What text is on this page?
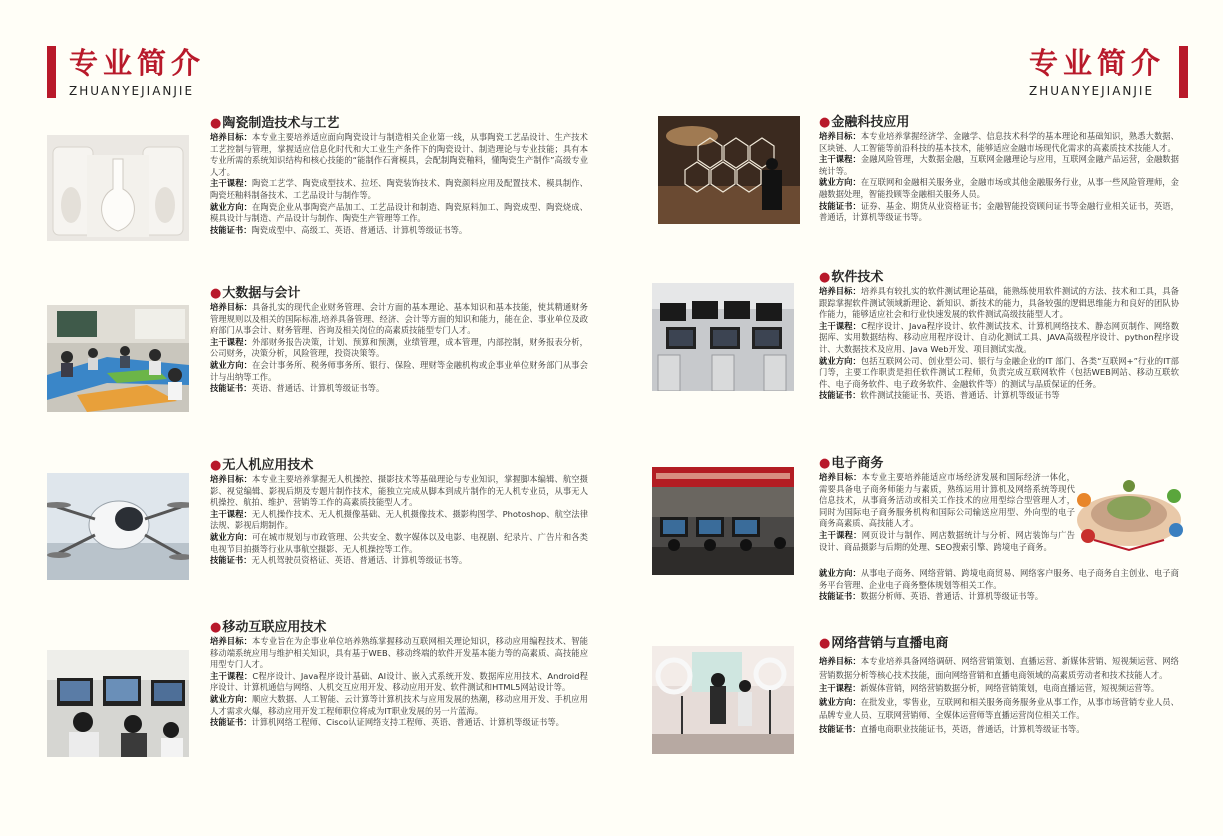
专业简介
ZHUANYEJIANJIE
专业简介
ZHUANYEJIANJIE
●陶瓷制造技术与工艺

培养目标：本专业主要培养适应面向陶瓷设计与制造相关企业第一线，从事陶瓷工艺品设计、生产技术工艺控制与管理，掌握适应信息化时代和大工业生产条件下的陶瓷设计、制造理论与专业技能；具有本专业所需的系统知识结构和核心技能的“能制作石膏模具，会配制陶瓷釉料，懂陶瓷生产制作”高级专业人才。

主干课程：陶瓷工艺学、陶瓷成型技术、拉坯、陶瓷装饰技术、陶瓷颜料应用及配置技术、模具制作、陶瓷坯釉料制备技术、工艺品设计与制作等。

就业方向：在陶瓷企业从事陶瓷产品加工、工艺品设计和制造、陶瓷原料加工、陶瓷成型、陶瓷烧成、模具设计与制造、产品设计与制作、陶瓷生产管理等工作。

技能证书：陶瓷成型中、高级工、英语、普通话、计算机等级证书等。

●大数据与会计

培养目标：具备扎实的现代企业财务管理、会计方面的基本理论、基本知识和基本技能，使其精通财务管理规则以及相关的国际标准,培养具备管理、经济、会计等方面的知识和能力，能在企、事业单位及政府部门从事会计、财务管理、咨询及相关岗位的高素质技能型专门人才。

主干课程：外部财务报告决策，计划、预算和预测，业绩管理，成本管理，内部控制，财务报表分析，公司财务，决策分析，风险管理，投资决策等。

就业方向：在会计事务所、税务师事务所、银行、保险、理财等金融机构或企事业单位财务部门从事会计与出纳等工作。

技能证书：英语、普通话、计算机等级证书等。

●无人机应用技术

培养目标：本专业主要培养掌握无人机操控、摄影技术等基础理论与专业知识，掌握脚本编辑、航空摄影、视觉编辑、影视后期及专题片制作技术，能独立完成从脚本到成片制作的无人机专业员，从事无人机操控、航拍、维护、营销等工作的高素质技能型人才。

主干课程：无人机操作技术、无人机摄像基础、无人机摄像技术、摄影构图学、Photoshop、航空法律法规、影视后期制作。

就业方向：可在城市规划与市政管理、公共安全、数字媒体以及电影、电视剧、纪录片、广告片和各类电视节目拍摄等行业从事航空摄影、无人机操控等工作。

技能证书：无人机驾驶员资格证、英语、普通话、计算机等级证书等。

●移动互联应用技术

培养目标：本专业旨在为企事业单位培养熟练掌握移动互联网相关理论知识，移动应用编程技术、智能移动端系统应用与维护相关知识，具有基于WEB、移动终端的软件开发基本能力等的高素质、高技能应用型专门人才。

主干课程：C程序设计、Java程序设计基础、AI设计、嵌入式系统开发、数据库应用技术、Android程序设计、计算机通信与网络、人机交互应用开发、移动应用开发、软件测试和HTML5网站设计等。

就业方向：顺应大数据、人工智能、云计算等计算机技术与应用发展的热潮，移动应用开发、手机应用人才需求火爆，移动应用开发工程师职位将成为IT职业发展的另一片蓝海。

技能证书：计算机网络工程师、Cisco认证网络支持工程师、英语、普通话、计算机等级证书等。

●金融科技应用

培养目标：本专业培养掌握经济学、金融学、信息技术科学的基本理论和基础知识，熟悉大数据、区块链、人工智能等前沿科技的基本技术，能够适应金融市场现代化需求的高素质技术技能人才。

主干课程：金融风险管理，大数据金融，互联网金融理论与应用，互联网金融产品运营，金融数据统计等。

就业方向：在互联网和金融相关服务业，金融市场或其他金融服务行业，从事一些风险管理师，金融数据处理，智能投顾等金融相关服务人员。

技能证书：证券、基金、期货从业资格证书；金融智能投资顾问证书等金融行业相关证书，英语，普通话，计算机等级证书等。

●软件技术

培养目标：培养具有较扎实的软件测试理论基础，能熟练使用软件测试的方法、技术和工具，具备跟踪掌握软件测试领域新理论、新知识、新技术的能力，具备较强的逻辑思维能力和良好的团队协作能力，能够适应社会和行业快速发展的软件测试高级技能型人才。

主干课程：C程序设计、Java程序设计、软件测试技术、计算机网络技术、静态网页制作、网络数据库、实用数据结构、移动应用程序设计、自动化测试工具、JAVA高级程序设计、python程序设计、大数据技术及应用、Java Web开发、项目测试实战。

就业方向：包括互联网公司、创业型公司、银行与金融企业的IT 部门、各类“互联网+”行业的IT部门等，主要工作职责是担任软件测试工程师，负责完成互联网软件（包括WEB网站、移动互联软件、电子商务软件、电子政务软件、金融软件等）的测试与品质保证的任务。

技能证书：软件测试技能证书、英语、普通话、计算机等级证书等

●电子商务

培养目标：本专业主要培养能适应市场经济发展和国际经济一体化，需要具备电子商务师能力与素质，熟练运用计算机及网络系统等现代信息技术，从事商务活动或相关工作技术的应用型综合型管理人才，同时为国际电子商务服务机构和国际公司输送应用型、外向型的电子商务高素质、高技能人才。

主干课程：网页设计与制作、网店数据统计与分析、网店装饰与广告设计、商品摄影与后期的处理、SEO搜索引擎、跨境电子商务。

就业方向：从事电子商务、网络营销、跨境电商贸易、网络客户服务、电子商务自主创业、电子商务平台管理、企业电子商务整体规划等相关工作。

技能证书：数据分析师、英语、普通话、计算机等级证书等。

●网络营销与直播电商

培养目标：本专业培养具备网络调研、网络营销策划、直播运营、新媒体营销、短视频运营、网络营销数据分析等核心技术技能，面向网络营销和直播电商领域的高素质劳动者和技术技能人才。

主干课程：新媒体营销，网络营销数据分析，网络营销策划，电商直播运营，短视频运营等。

就业方向：在批发业，零售业，互联网和相关服务商务服务业从事工作，从事市场营销专业人员、品牌专业人员、互联网营销师、全媒体运营师等直播运营岗位相关工作。

技能证书：直播电商职业技能证书，英语，普通话，计算机等级证书等。
